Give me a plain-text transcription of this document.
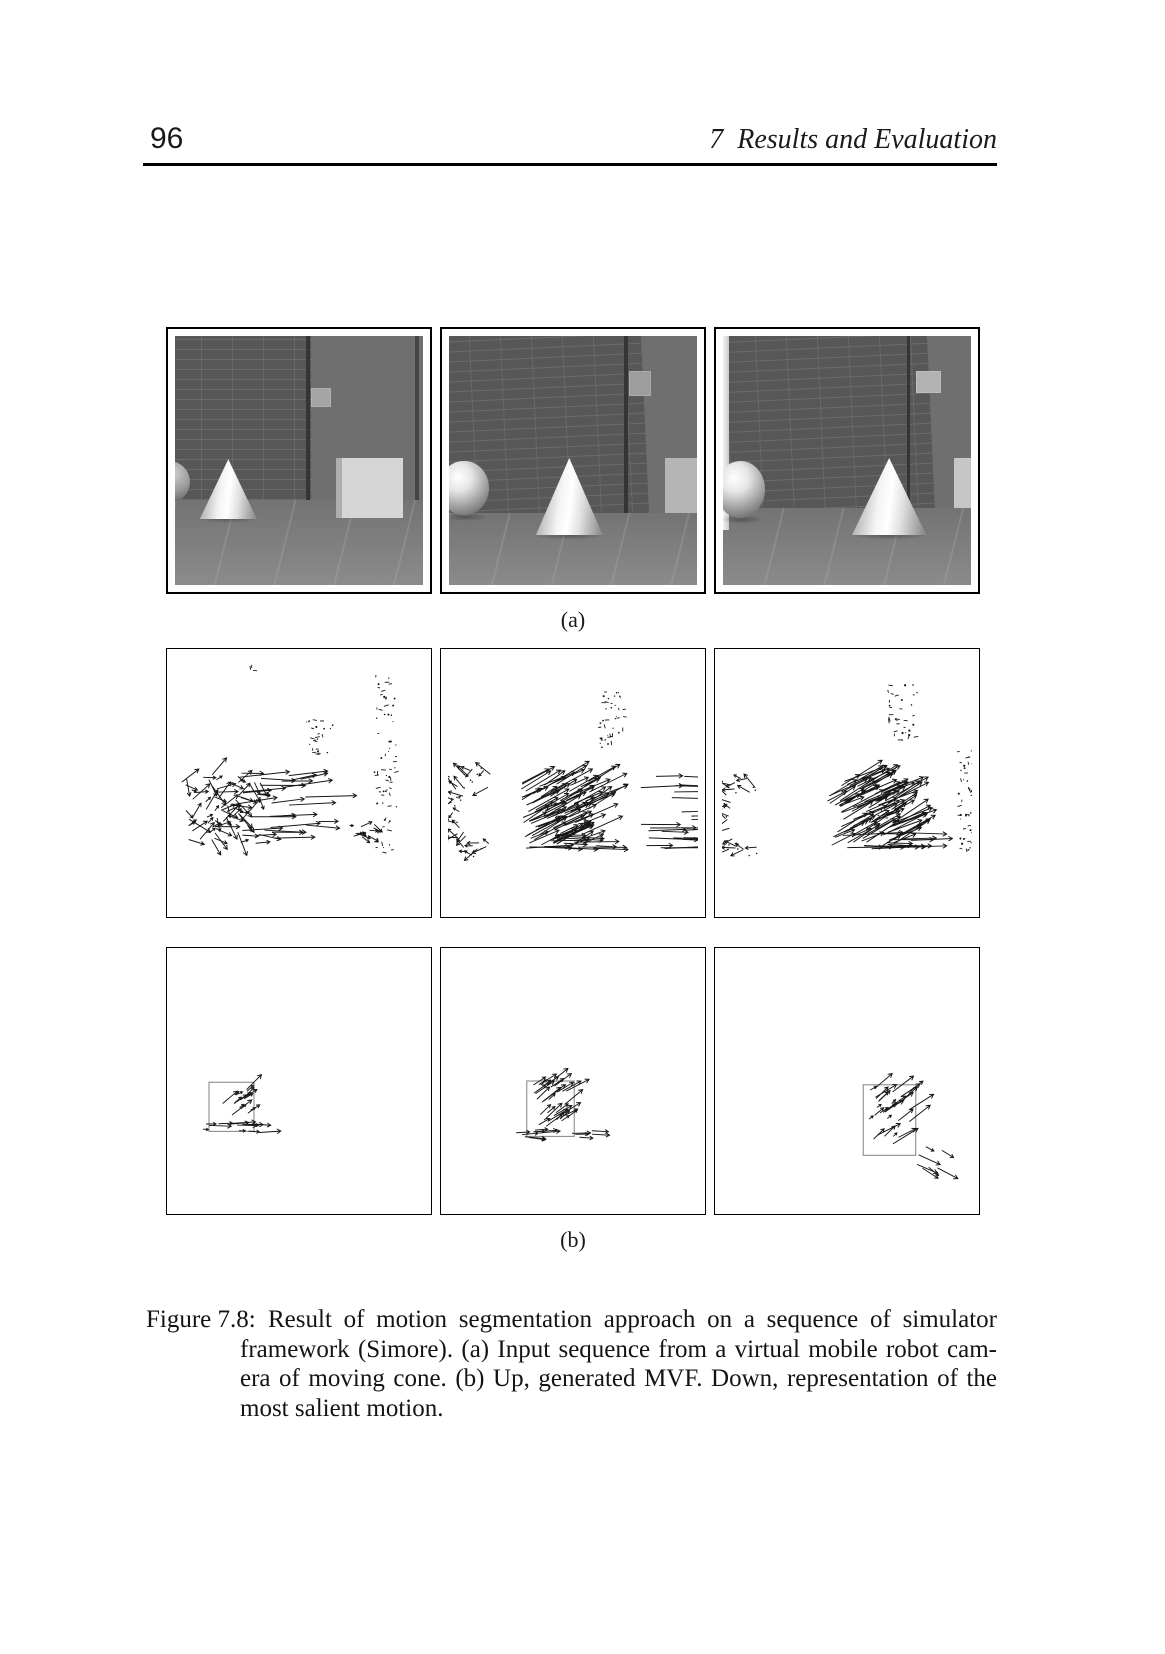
96	7  Results and Evaluation
(a)
(b)
Figure 7.8: Result of motion segmentation approach on a sequence of simulator
framework (Simore). (a) Input sequence from a virtual mobile robot cam-
era of moving cone. (b) Up, generated MVF. Down, representation of the
most salient motion.
